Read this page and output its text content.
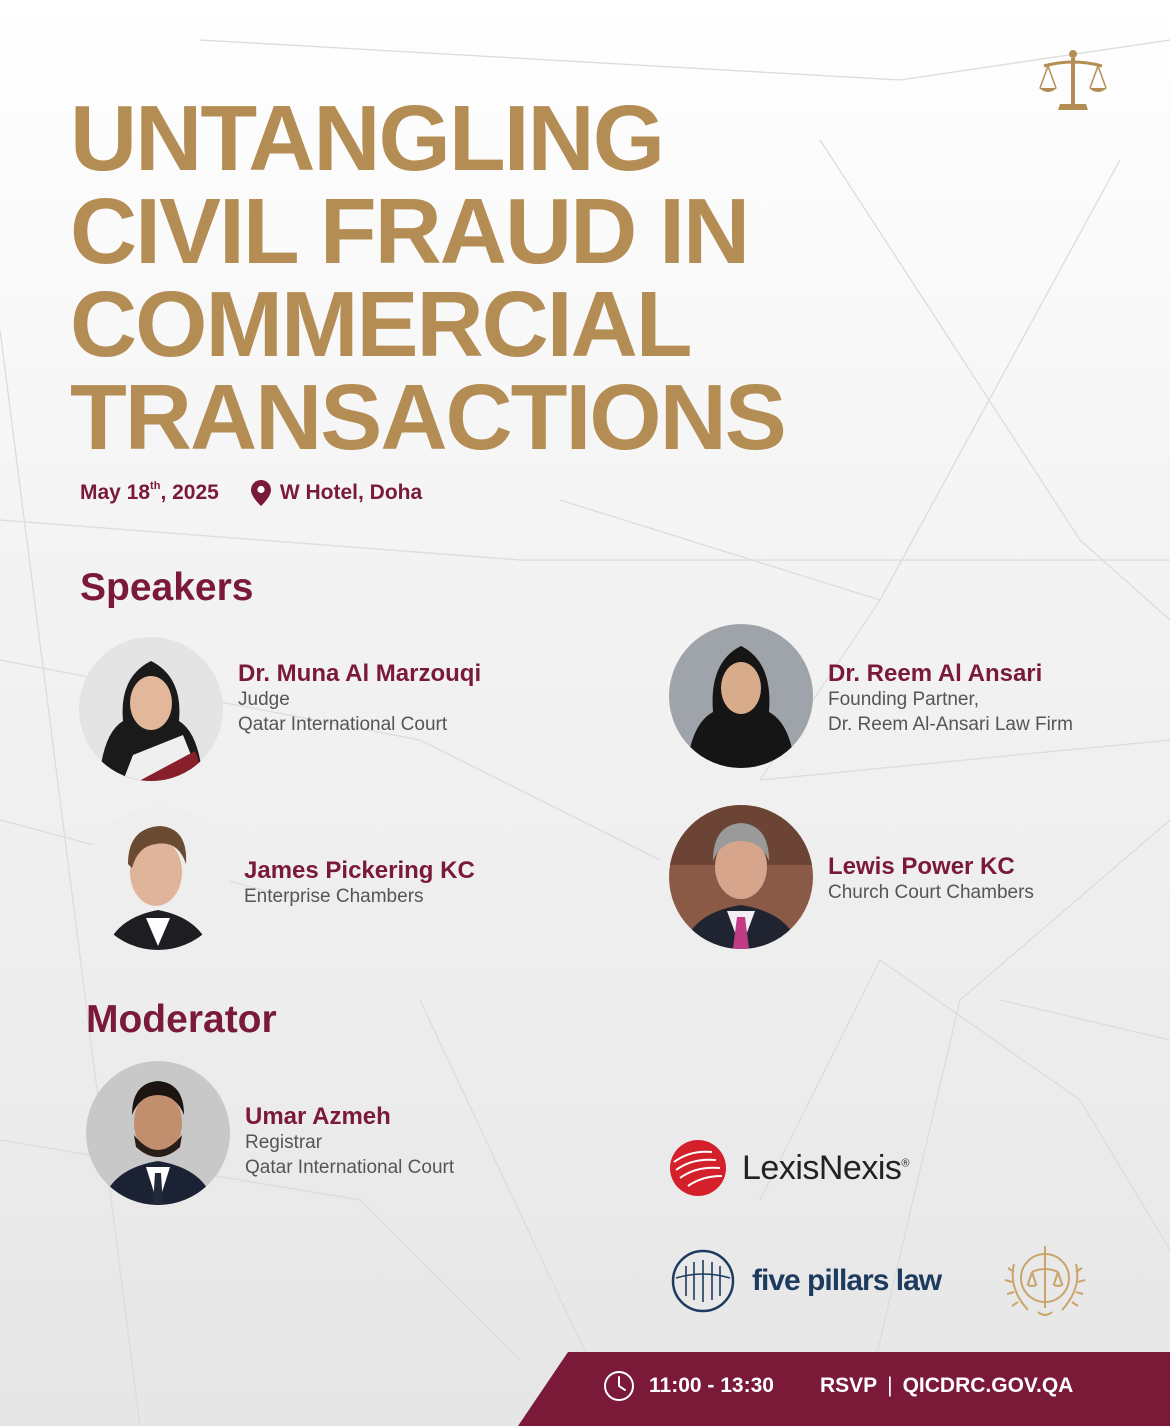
UNTANGLING
CIVIL FRAUD IN
COMMERCIAL
TRANSACTIONS
May 18th, 2025	W Hotel, Doha
Speakers
Dr. Muna Al Marzouqi
Judge
Qatar International Court
Dr. Reem Al Ansari
Founding Partner,
Dr. Reem Al-Ansari Law Firm
James Pickering KC
Enterprise Chambers
Lewis Power KC
Church Court Chambers
Moderator
Umar Azmeh
Registrar
Qatar International Court	LexisNexis®
five pillars law
11:00 - 13:30 RSVP | QICDRC.GOV.QA
